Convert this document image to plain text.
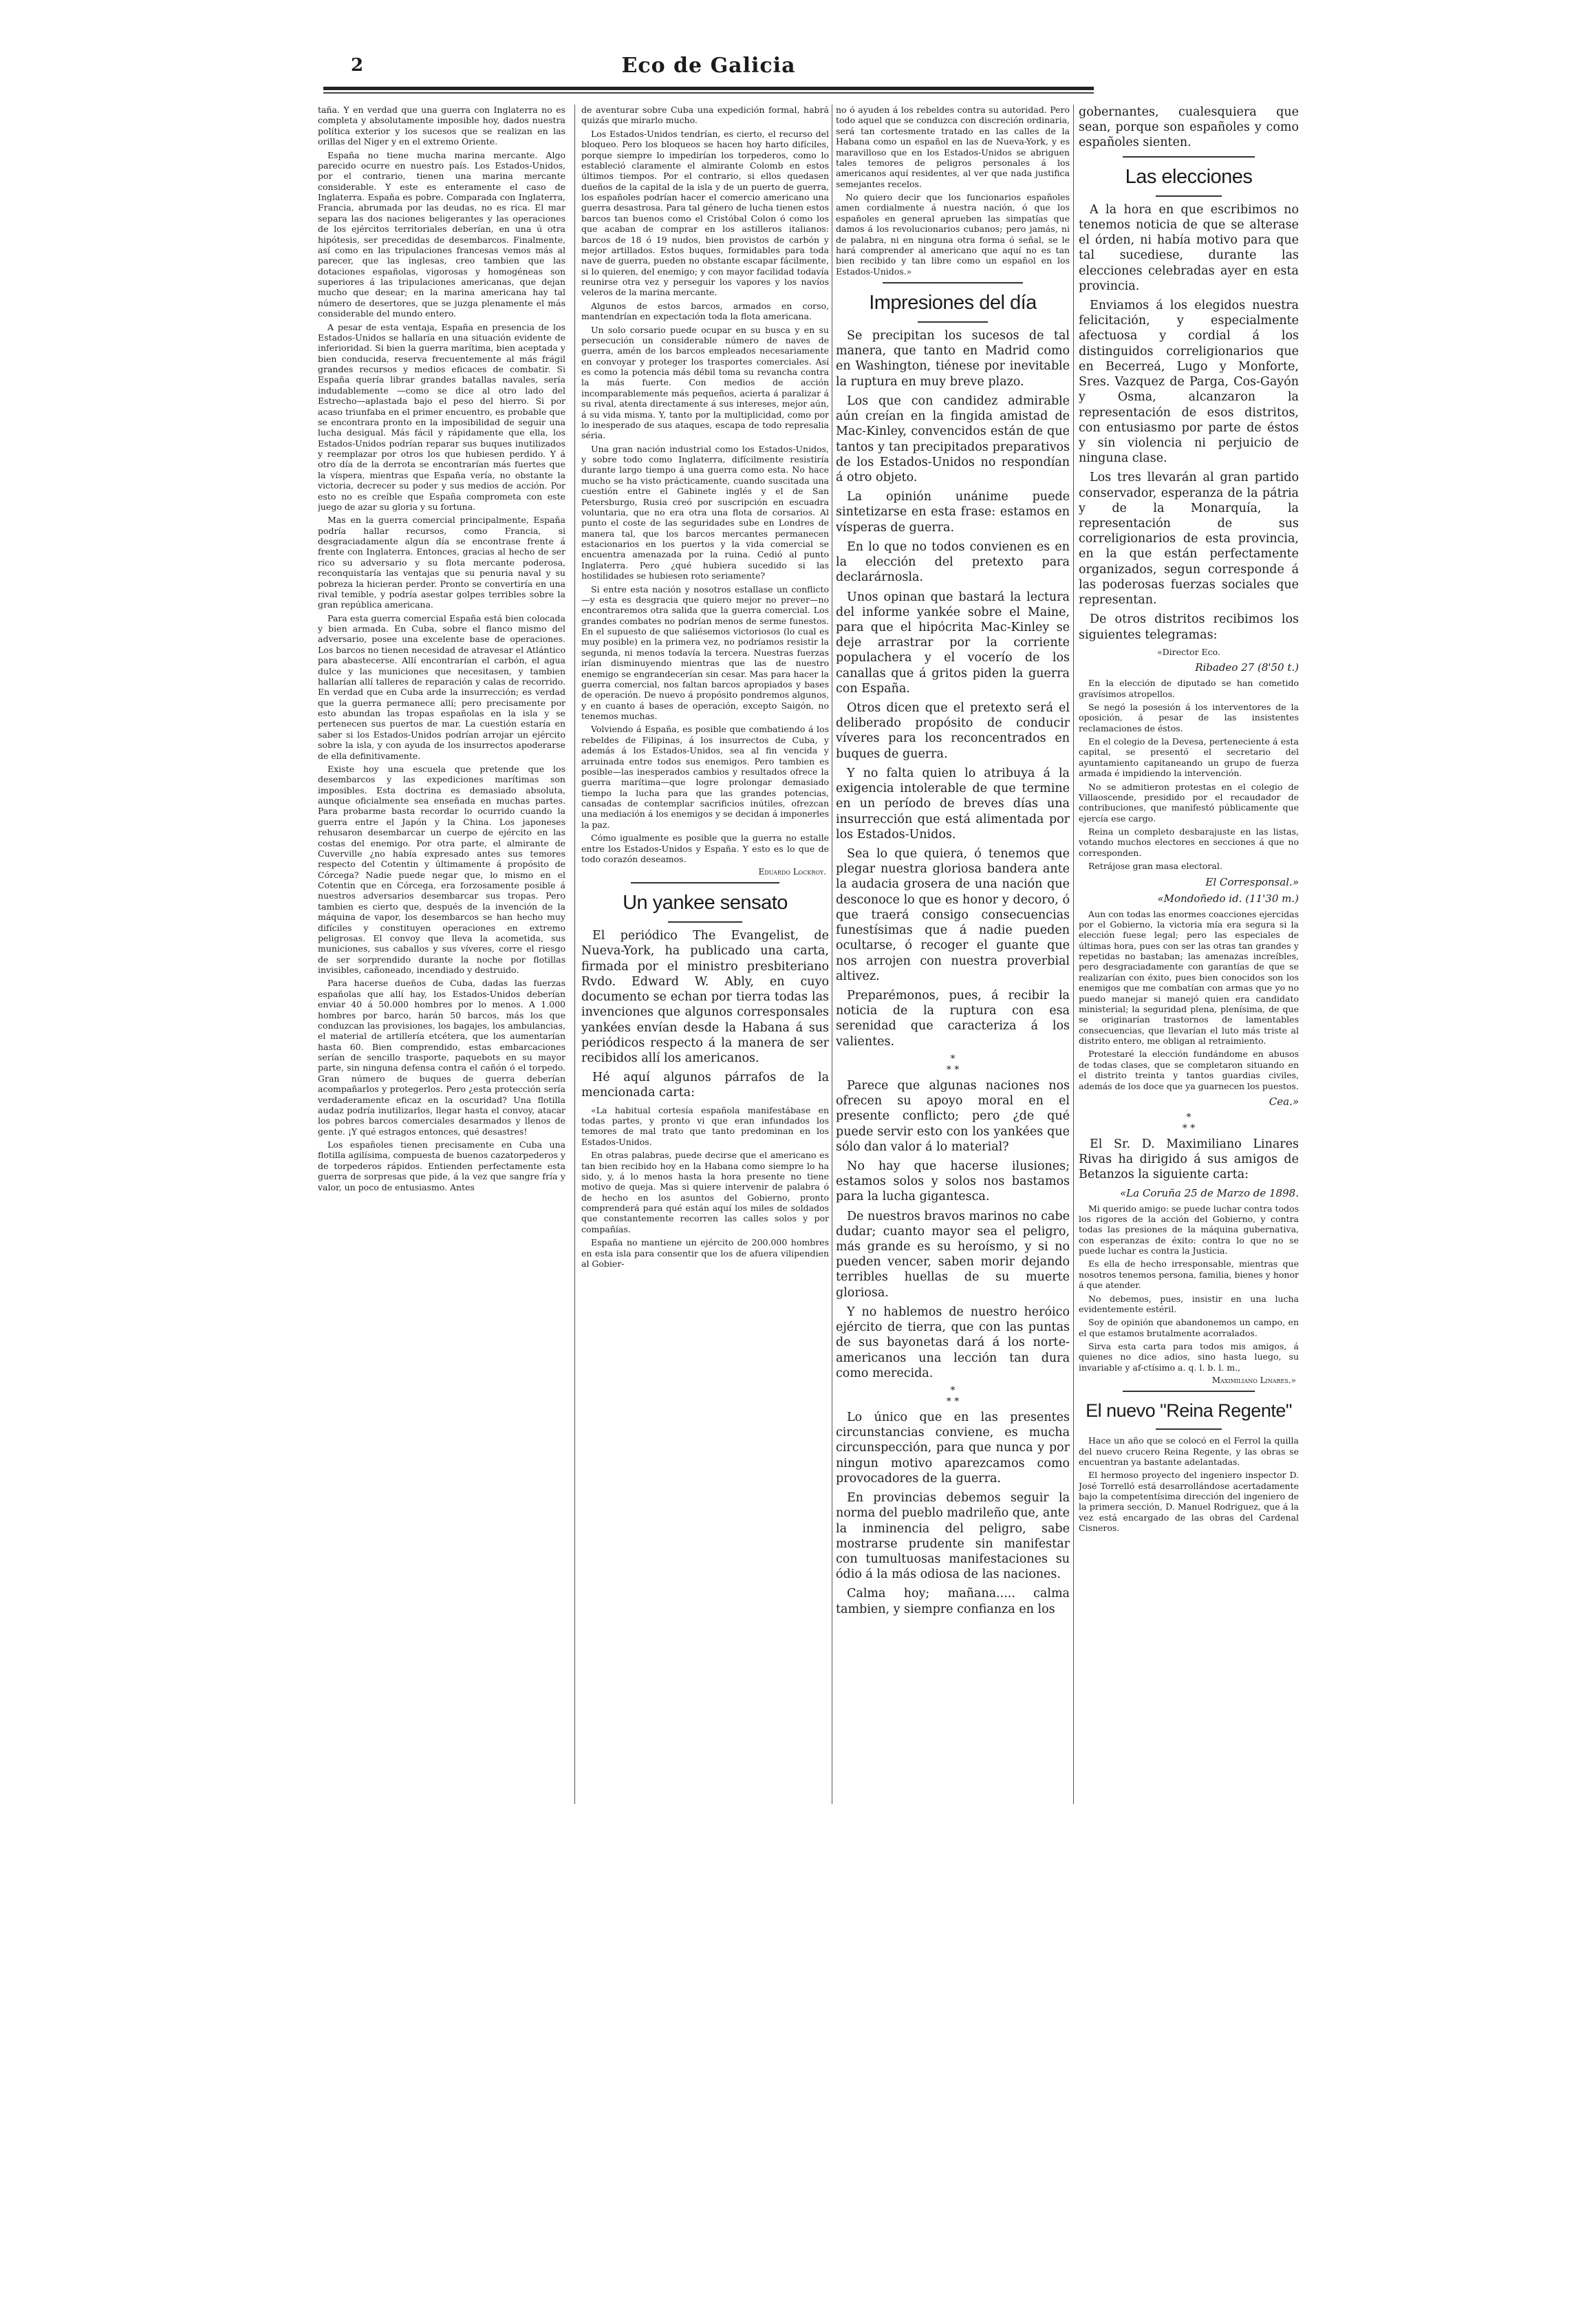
2	Eco de Galicia

taña. Y en verdad que una guerra con Inglaterra no es completa y absolutamente imposible hoy, dados nuestra política exterior y los sucesos que se realizan en las orillas del Niger y en el extremo Oriente.

España no tiene mucha marina mercante. Algo parecido ocurre en nuestro país. Los Estados-Unidos, por el contrario, tienen una marina mercante considerable. Y este es enteramente el caso de Inglaterra. España es pobre. Comparada con Inglaterra, Francia, abrumada por las deudas, no es rica. El mar separa las dos naciones beligerantes y las operaciones de los ejércitos territoriales deberían, en una ú otra hipótesis, ser precedidas de desembarcos. Finalmente, así como en las tripulaciones francesas vemos más al parecer, que las inglesas, creo tambien que las dotaciones españolas, vigorosas y homogéneas son superiores á las tripulaciones americanas, que dejan mucho que desear; en la marina americana hay tal número de desertores, que se juzga plenamente el más considerable del mundo entero.

A pesar de esta ventaja, España en presencia de los Estados-Unidos se hallaría en una situación evidente de inferioridad. Si bien la guerra marítima, bien aceptada y bien conducida, reserva frecuentemente al más frágil grandes recursos y medios eficaces de combatir. Si España quería librar grandes batallas navales, sería indudablemente —como se dice al otro lado del Estrecho—aplastada bajo el peso del hierro. Si por acaso triunfaba en el primer encuentro, es probable que se encontrara pronto en la imposibilidad de seguir una lucha desigual. Más fácil y rápidamente que ella, los Estados-Unidos podrían reparar sus buques inutilizados y reemplazar por otros los que hubiesen perdido. Y á otro día de la derrota se encontrarían más fuertes que la víspera, mientras que España vería, no obstante la victoria, decrecer su poder y sus medios de acción. Por esto no es creíble que España comprometa con este juego de azar su gloria y su fortuna.

Mas en la guerra comercial principalmente, España podría hallar recursos, como Francia, si desgraciadamente algun día se encontrase frente á frente con Inglaterra. Entonces, gracias al hecho de ser rico su adversario y su flota mercante poderosa, reconquistaría las ventajas que su penuria naval y su pobreza la hicieran perder. Pronto se convertiría en una rival temible, y podría asestar golpes terribles sobre la gran república americana.

Para esta guerra comercial España está bien colocada y bien armada. En Cuba, sobre el flanco mismo del adversario, posee una excelente base de operaciones. Los barcos no tienen necesidad de atravesar el Atlántico para abastecerse. Allí encontrarían el carbón, el agua dulce y las municiones que necesitasen, y tambien hallarían allí talleres de reparación y calas de recorrido. En verdad que en Cuba arde la insurrección; es verdad que la guerra permanece allí; pero precisamente por esto abundan las tropas españolas en la isla y se pertenecen sus puertos de mar. La cuestión estaría en saber si los Estados-Unidos podrían arrojar un ejército sobre la isla, y con ayuda de los insurrectos apoderarse de ella definitivamente.

Existe hoy una escuela que pretende que los desembarcos y las expediciones marítimas son imposibles. Esta doctrina es demasiado absoluta, aunque oficialmente sea enseñada en muchas partes. Para probarme basta recordar lo ocurrido cuando la guerra entre el Japón y la China. Los japoneses rehusaron desembarcar un cuerpo de ejército en las costas del enemigo. Por otra parte, el almirante de Cuverville ¿no había expresado antes sus temores respecto del Cotentin y últimamente á propósito de Córcega? Nadie puede negar que, lo mismo en el Cotentin que en Córcega, era forzosamente posible á nuestros adversarios desembarcar sus tropas. Pero tambien es cierto que, después de la invención de la máquina de vapor, los desembarcos se han hecho muy difíciles y constituyen operaciones en extremo peligrosas. El convoy que lleva la acometida, sus municiones, sus caballos y sus víveres, corre el riesgo de ser sorprendido durante la noche por flotillas invisibles, cañoneado, incendiado y destruido.

Para hacerse dueños de Cuba, dadas las fuerzas españolas que allí hay, los Estados-Unidos deberían enviar 40 á 50.000 hombres por lo menos. A 1.000 hombres por barco, harán 50 barcos, más los que conduzcan las provisiones, los bagajes, los ambulancias, el material de artillería etcétera, que los aumentarían hasta 60. Bien comprendido, estas embarcaciones serían de sencillo trasporte, paquebots en su mayor parte, sin ninguna defensa contra el cañón ó el torpedo. Gran número de buques de guerra deberían acompañarlos y protegerlos. Pero ¿esta protección sería verdaderamente eficaz en la oscuridad? Una flotilla audaz podría inutilizarlos, llegar hasta el convoy, atacar los pobres barcos comerciales desarmados y llenos de gente. ¡Y qué estragos entonces, qué desastres!

Los españoles tienen precisamente en Cuba una flotilla agilísima, compuesta de buenos cazatorpederos y de torpederos rápidos. Entienden perfectamente esta guerra de sorpresas que pide, á la vez que sangre fría y valor, un poco de entusiasmo. Antes

de aventurar sobre Cuba una expedición formal, habrá quizás que mirarlo mucho.

Los Estados-Unidos tendrían, es cierto, el recurso del bloqueo. Pero los bloqueos se hacen hoy harto difíciles, porque siempre lo impedirían los torpederos, como lo estableció claramente el almirante Colomb en estos últimos tiempos. Por el contrario, si ellos quedasen dueños de la capital de la isla y de un puerto de guerra, los españoles podrían hacer el comercio americano una guerra desastrosa. Para tal género de lucha tienen estos barcos tan buenos como el Cristóbal Colon ó como los que acaban de comprar en los astilleros italianos: barcos de 18 ó 19 nudos, bien provistos de carbón y mejor artillados. Estos buques, formidables para toda nave de guerra, pueden no obstante escapar fácilmente, si lo quieren, del enemigo; y con mayor facilidad todavía reunirse otra vez y perseguir los vapores y los navíos veleros de la marina mercante.

Algunos de estos barcos, armados en corso, mantendrían en expectación toda la flota americana.

Un solo corsario puede ocupar en su busca y en su persecución un considerable número de naves de guerra, amén de los barcos empleados necesariamente en convoyar y proteger los trasportes comerciales. Así es como la potencia más débil toma su revancha contra la más fuerte. Con medios de acción incomparablemente más pequeños, acierta á paralizar á su rival, atenta directamente á sus intereses, mejor aún, á su vida misma. Y, tanto por la multiplicidad, como por lo inesperado de sus ataques, escapa de todo represalia séria.

Una gran nación industrial como los Estados-Unidos, y sobre todo como Inglaterra, difícilmente resistiría durante largo tiempo á una guerra como esta. No hace mucho se ha visto prácticamente, cuando suscitada una cuestión entre el Gabinete inglés y el de San Petersburgo, Rusia creó por suscripción en escuadra voluntaria, que no era otra una flota de corsarios. Al punto el coste de las seguridades sube en Londres de manera tal, que los barcos mercantes permanecen estacionarios en los puertos y la vida comercial se encuentra amenazada por la ruina. Cedió al punto Inglaterra. Pero ¿qué hubiera sucedido si las hostilidades se hubiesen roto seriamente?

Si entre esta nación y nosotros estallase un conflicto—y esta es desgracia que quiero mejor no prever—no encontraremos otra salida que la guerra comercial. Los grandes combates no podrían menos de serme funestos. En el supuesto de que saliésemos victoriosos (lo cual es muy posible) en la primera vez, no podríamos resistir la segunda, ni menos todavía la tercera. Nuestras fuerzas irían disminuyendo mientras que las de nuestro enemigo se engrandecerían sin cesar. Mas para hacer la guerra comercial, nos faltan barcos apropiados y bases de operación. De nuevo á propósito pondremos algunos, y en cuanto á bases de operación, excepto Saigón, no tenemos muchas.

Volviendo á España, es posible que combatiendo á los rebeldes de Filipinas, á los insurrectos de Cuba, y además á los Estados-Unidos, sea al fin vencida y arruinada entre todos sus enemigos. Pero tambien es posible—las inesperados cambios y resultados ofrece la guerra marítima—que logre prolongar demasiado tiempo la lucha para que las grandes potencias, cansadas de contemplar sacrificios inútiles, ofrezcan una mediación á los enemigos y se decidan á imponerles la paz.

Cómo igualmente es posible que la guerra no estalle entre los Estados-Unidos y España. Y esto es lo que de todo corazón deseamos.

Eduardo Lockroy.
Un yankee sensato

El periódico The Evangelist, de Nueva-York, ha publicado una carta, firmada por el ministro presbiteriano Rvdo. Edward W. Ably, en cuyo documento se echan por tierra todas las invenciones que algunos corresponsales yankées envían desde la Habana á sus periódicos respecto á la manera de ser recibidos allí los americanos.

Hé aquí algunos párrafos de la mencionada carta:

«La habitual cortesía española manifestábase en todas partes, y pronto vi que eran infundados los temores de mal trato que tanto predominan en los Estados-Unidos.

En otras palabras, puede decirse que el americano es tan bien recibido hoy en la Habana como siempre lo ha sido, y, á lo menos hasta la hora presente no tiene motivo de queja. Mas si quiere intervenir de palabra ó de hecho en los asuntos del Gobierno, pronto comprenderá para qué están aquí los miles de soldados que constantemente recorren las calles solos y por compañías.

España no mantiene un ejército de 200.000 hombres en esta isla para consentir que los de afuera vilipendien al Gobier-

no ó ayuden á los rebeldes contra su autoridad. Pero todo aquel que se conduzca con discreción ordinaria, será tan cortesmente tratado en las calles de la Habana como un español en las de Nueva-York, y es maravilloso que en los Estados-Unidos se abriguen tales temores de peligros personales á los americanos aquí residentes, al ver que nada justifica semejantes recelos.

No quiero decir que los funcionarios españoles amen cordialmente á nuestra nación, ó que los españoles en general aprueben las simpatías que damos á los revolucionarios cubanos; pero jamás, ni de palabra, ni en ninguna otra forma ó señal, se le hará comprender al americano que aquí no es tan bien recibido y tan libre como un español en los Estados-Unidos.»

Impresiones del día

Se precipitan los sucesos de tal manera, que tanto en Madrid como en Washington, tiénese por inevitable la ruptura en muy breve plazo.

Los que con candidez admirable aún creían en la fingida amistad de Mac-Kinley, convencidos están de que tantos y tan precipitados preparativos de los Estados-Unidos no respondían á otro objeto.

La opinión unánime puede sintetizarse en esta frase: estamos en vísperas de guerra.

En lo que no todos convienen es en la elección del pretexto para declarárnosla.

Unos opinan que bastará la lectura del informe yankée sobre el Maine, para que el hipócrita Mac-Kinley se deje arrastrar por la corriente populachera y el vocerío de los canallas que á gritos piden la guerra con España.

Otros dicen que el pretexto será el deliberado propósito de conducir víveres para los reconcentrados en buques de guerra.

Y no falta quien lo atribuya á la exigencia intolerable de que termine en un período de breves días una insurrección que está alimentada por los Estados-Unidos.

Sea lo que quiera, ó tenemos que plegar nuestra gloriosa bandera ante la audacia grosera de una nación que desconoce lo que es honor y decoro, ó que traerá consigo consecuencias funestísimas que á nadie pueden ocultarse, ó recoger el guante que nos arrojen con nuestra proverbial altivez.

Preparémonos, pues, á recibir la noticia de la ruptura con esa serenidad que caracteriza á los valientes.

*
* *

Parece que algunas naciones nos ofrecen su apoyo moral en el presente conflicto; pero ¿de qué puede servir esto con los yankées que sólo dan valor á lo material?

No hay que hacerse ilusiones; estamos solos y solos nos bastamos para la lucha gigantesca.

De nuestros bravos marinos no cabe dudar; cuanto mayor sea el peligro, más grande es su heroísmo, y si no pueden vencer, saben morir dejando terribles huellas de su muerte gloriosa.

Y no hablemos de nuestro heróico ejército de tierra, que con las puntas de sus bayonetas dará á los norte-americanos una lección tan dura como merecida.

*
* *

Lo único que en las presentes circunstancias conviene, es mucha circunspección, para que nunca y por ningun motivo aparezcamos como provocadores de la guerra.

En provincias debemos seguir la norma del pueblo madrileño que, ante la inminencia del peligro, sabe mostrarse prudente sin manifestar con tumultuosas manifestaciones su ódio á la más odiosa de las naciones.

Calma hoy; mañana..... calma tambien, y siempre confianza en los

gobernantes, cualesquiera que sean, porque son españoles y como españoles sienten.

Las elecciones

A la hora en que escribimos no tenemos noticia de que se alterase el órden, ni había motivo para que tal sucediese, durante las elecciones celebradas ayer en esta provincia.

Enviamos á los elegidos nuestra felicitación, y especialmente afectuosa y cordial á los distinguidos correligionarios que en Becerreá, Lugo y Monforte, Sres. Vazquez de Parga, Cos-Gayón y Osma, alcanzaron la representación de esos distritos, con entusiasmo por parte de éstos y sin violencia ni perjuicio de ninguna clase.

Los tres llevarán al gran partido conservador, esperanza de la pátria y de la Monarquía, la representación de sus correligionarios de esta provincia, en la que están perfectamente organizados, segun corresponde á las poderosas fuerzas sociales que representan.

De otros distritos recibimos los siguientes telegramas:

«Director Eco.

Ribadeo 27 (8'50 t.)

En la elección de diputado se han cometido gravísimos atropellos.

Se negó la posesión á los interventores de la oposición, á pesar de las insistentes reclamaciones de éstos.

En el colegio de la Devesa, perteneciente á esta capital, se presentó el secretario del ayuntamiento capitaneando un grupo de fuerza armada é impidiendo la intervención.

No se admitieron protestas en el colegio de Villaoscende, presidido por el recaudador de contribuciones, que manifestó públicamente que ejercía ese cargo.

Reina un completo desbarajuste en las listas, votando muchos electores en secciones á que no corresponden.

Retrájose gran masa electoral.

El Corresponsal.»
«Mondoñedo id. (11'30 m.)

Aun con todas las enormes coacciones ejercidas por el Gobierno, la victoria mía era segura si la elección fuese legal; pero las especiales de últimas hora, pues con ser las otras tan grandes y repetidas no bastaban; las amenazas increíbles, pero desgraciadamente con garantías de que se realizarían con éxito, pues bien conocidos son los enemigos que me combatían con armas que yo no puedo manejar si manejó quien era candidato ministerial; la seguridad plena, plenísima, de que se originarían trastornos de lamentables consecuencias, que llevarían el luto más triste al distrito entero, me obligan al retraimiento.

Protestaré la elección fundándome en abusos de todas clases, que se completaron situando en el distrito treinta y tantos guardias civiles, además de los doce que ya guarnecen los puestos.

Cea.»
*
* *

El Sr. D. Maximiliano Linares Rivas ha dirigido á sus amigos de Betanzos la siguiente carta:

«La Coruña 25 de Marzo de 1898.

Mi querido amigo: se puede luchar contra todos los rigores de la acción del Gobierno, y contra todas las presiones de la máquina gubernativa, con esperanzas de éxito: contra lo que no se puede luchar es contra la Justicia.

Es ella de hecho irresponsable, mientras que nosotros tenemos persona, familia, bienes y honor á que atender.

No debemos, pues, insistir en una lucha evidentemente estéril.

Soy de opinión que abandonemos un campo, en el que estamos brutalmente acorralados.

Sirva esta carta para todos mis amigos, á quienes no dice adios, sino hasta luego, su invariable y af-ctísimo a. q. l. b. l. m.,

Maximiliano Linares.»
El nuevo "Reina Regente"

Hace un año que se colocó en el Ferrol la quilla del nuevo crucero Reina Regente, y las obras se encuentran ya bastante adelantadas.

El hermoso proyecto del ingeniero inspector D. José Torrelló está desarrollándose acertadamente bajo la competentísima dirección del ingeniero de la primera sección, D. Manuel Rodriguez, que á la vez está encargado de las obras del Cardenal Cisneros.
